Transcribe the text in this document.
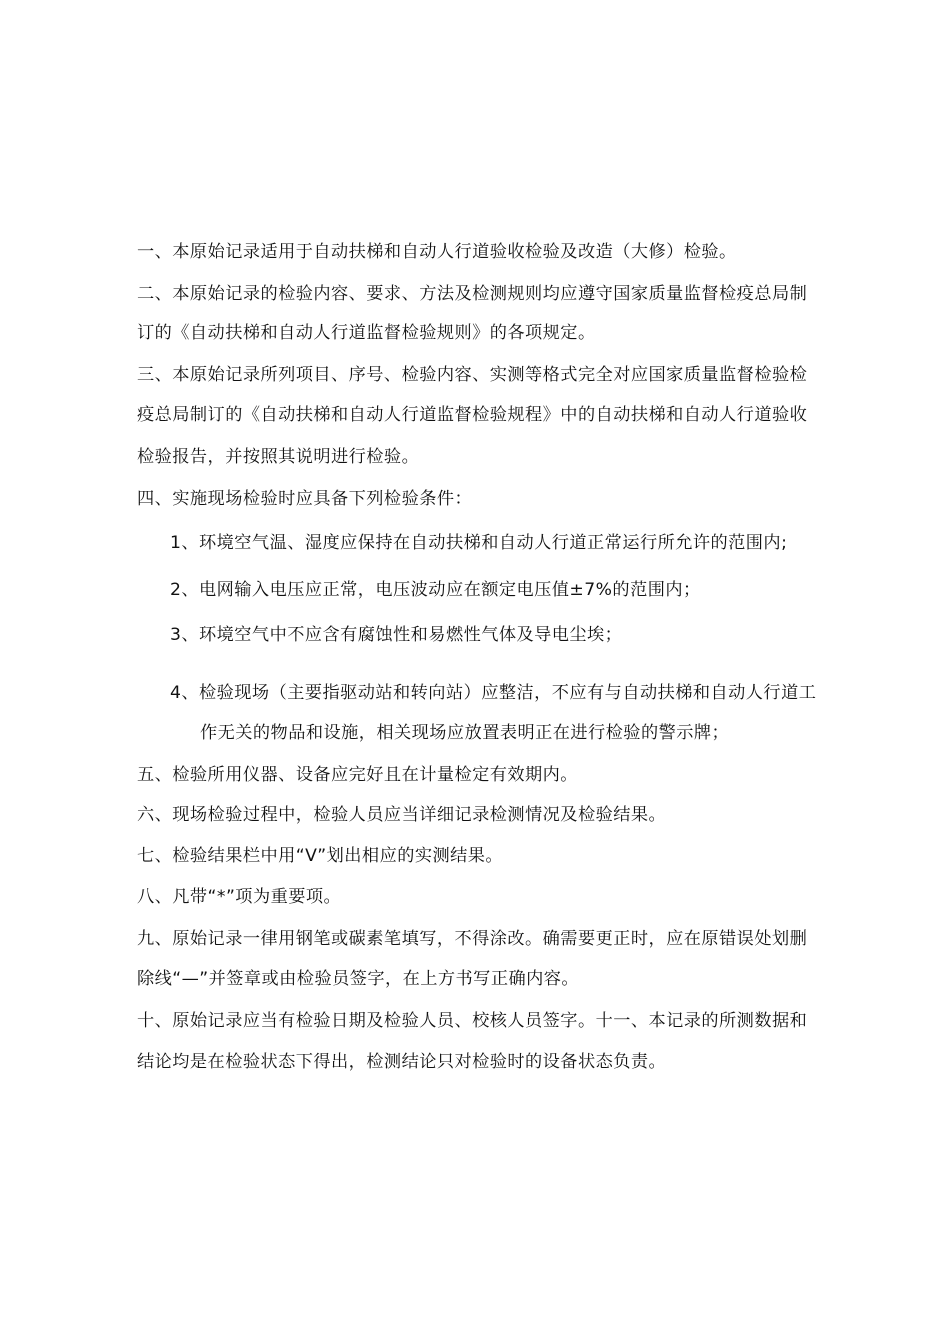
一、本原始记录适用于自动扶梯和自动人行道验收检验及改造（大修）检验。
二、本原始记录的检验内容、要求、方法及检测规则均应遵守国家质量监督检疫总局制
订的《自动扶梯和自动人行道监督检验规则》的各项规定。
三、本原始记录所列项目、序号、检验内容、实测等格式完全对应国家质量监督检验检
疫总局制订的《自动扶梯和自动人行道监督检验规程》中的自动扶梯和自动人行道验收
检验报告，并按照其说明进行检验。
四、实施现场检验时应具备下列检验条件：
1、环境空气温、湿度应保持在自动扶梯和自动人行道正常运行所允许的范围内;
2、电网输入电压应正常，电压波动应在额定电压值±7%的范围内；
3、环境空气中不应含有腐蚀性和易燃性气体及导电尘埃；
4、检验现场（主要指驱动站和转向站）应整洁，不应有与自动扶梯和自动人行道工
作无关的物品和设施，相关现场应放置表明正在进行检验的警示牌；
五、检验所用仪器、设备应完好且在计量检定有效期内。
六、现场检验过程中，检验人员应当详细记录检测情况及检验结果。
七、检验结果栏中用“V”划出相应的实测结果。
八、凡带“*”项为重要项。
九、原始记录一律用钢笔或碳素笔填写，不得涂改。确需要更正时，应在原错误处划删
除线“—”并签章或由检验员签字，在上方书写正确内容。
十、原始记录应当有检验日期及检验人员、校核人员签字。十一、本记录的所测数据和
结论均是在检验状态下得出，检测结论只对检验时的设备状态负责。
